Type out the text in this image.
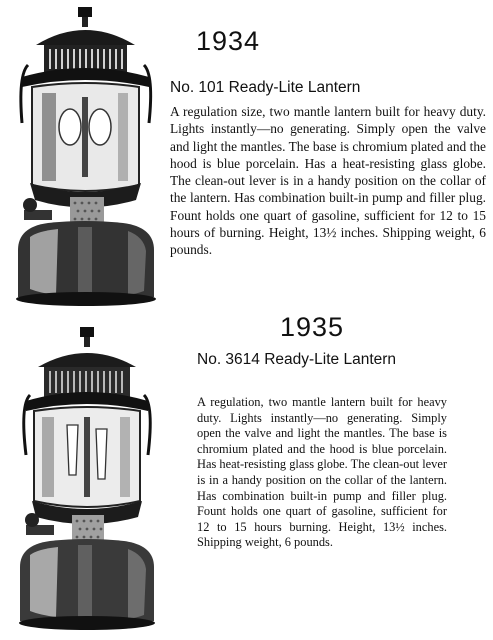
1934
No. 101 Ready-Lite Lantern

A regulation size, two mantle lantern built for heavy duty. Lights instantly—no generating. Simply open the valve and light the mantles. The base is chromium plated and the hood is blue porcelain. Has a heat-resisting glass globe. The clean-out lever is in a handy position on the collar of the lantern. Has combination built-in pump and filler plug. Fount holds one quart of gasoline, sufficient for 12 to 15 hours of burning. Height, 13½ inches. Shipping weight, 6 pounds.

1935
No. 3614 Ready-Lite Lantern

A regulation, two mantle lantern built for heavy duty. Lights instantly—no generating. Simply open the valve and light the mantles. The base is chromium plated and the hood is blue porcelain. Has heat-resisting glass globe. The clean-out lever is in a handy position on the collar of the lantern. Has combination built-in pump and filler plug. Fount holds one quart of gasoline, sufficient for 12 to 15 hours burning. Height, 13½ inches. Shipping weight, 6 pounds.
